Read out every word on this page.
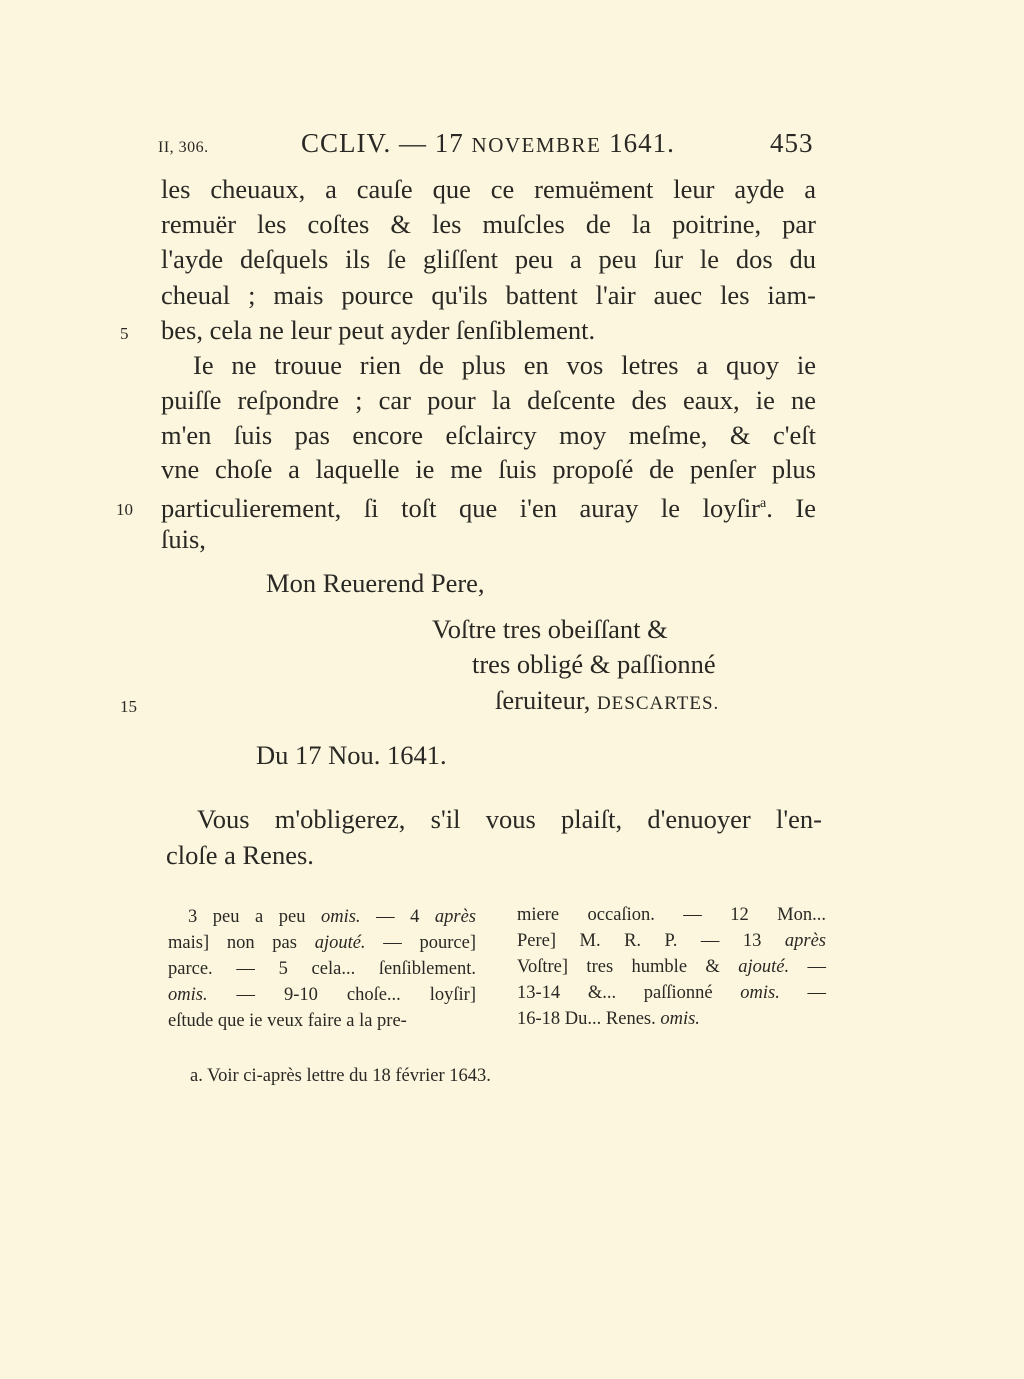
II, 306.	CCLIV. — 17 NOVEMBRE 1641.	453
les cheuaux, a cauſe que ce remuëment leur ayde a
remuër les coſtes & les muſcles de la poitrine, par
l'ayde deſquels ils ſe gliſſent peu a peu ſur le dos du
cheual ; mais pource qu'ils battent l'air auec les iam-
bes, cela ne leur peut ayder ſenſiblement.
5
Ie ne trouue rien de plus en vos letres a quoy ie
puiſſe reſpondre ; car pour la deſcente des eaux, ie ne
m'en ſuis pas encore eſclaircy moy meſme, & c'eſt
vne choſe a laquelle ie me ſuis propoſé de penſer plus
particulierement, ſi toſt que i'en auray le loyſir$^a$. Ie
10
ſuis,
Mon Reuerend Pere,
Voſtre tres obeiſſant &
tres obligé & paſſionné
ſeruiteur, DESCARTES.
15
Du 17 Nou. 1641.
Vous m'obligerez, s'il vous plaiſt, d'enuoyer l'en-
cloſe a Renes.
3 peu a peu omis. — 4 après
mais] non pas ajouté. — pource]
parce. — 5 cela... ſenſiblement.
omis. — 9-10 choſe... loyſir]
eſtude que ie veux faire a la pre-
miere occaſion. — 12 Mon...
Pere] M. R. P. — 13 après
Voſtre] tres humble & ajouté. —
13-14 &... paſſionné omis. —
16-18 Du... Renes. omis.
a. Voir ci-après lettre du 18 février 1643.
